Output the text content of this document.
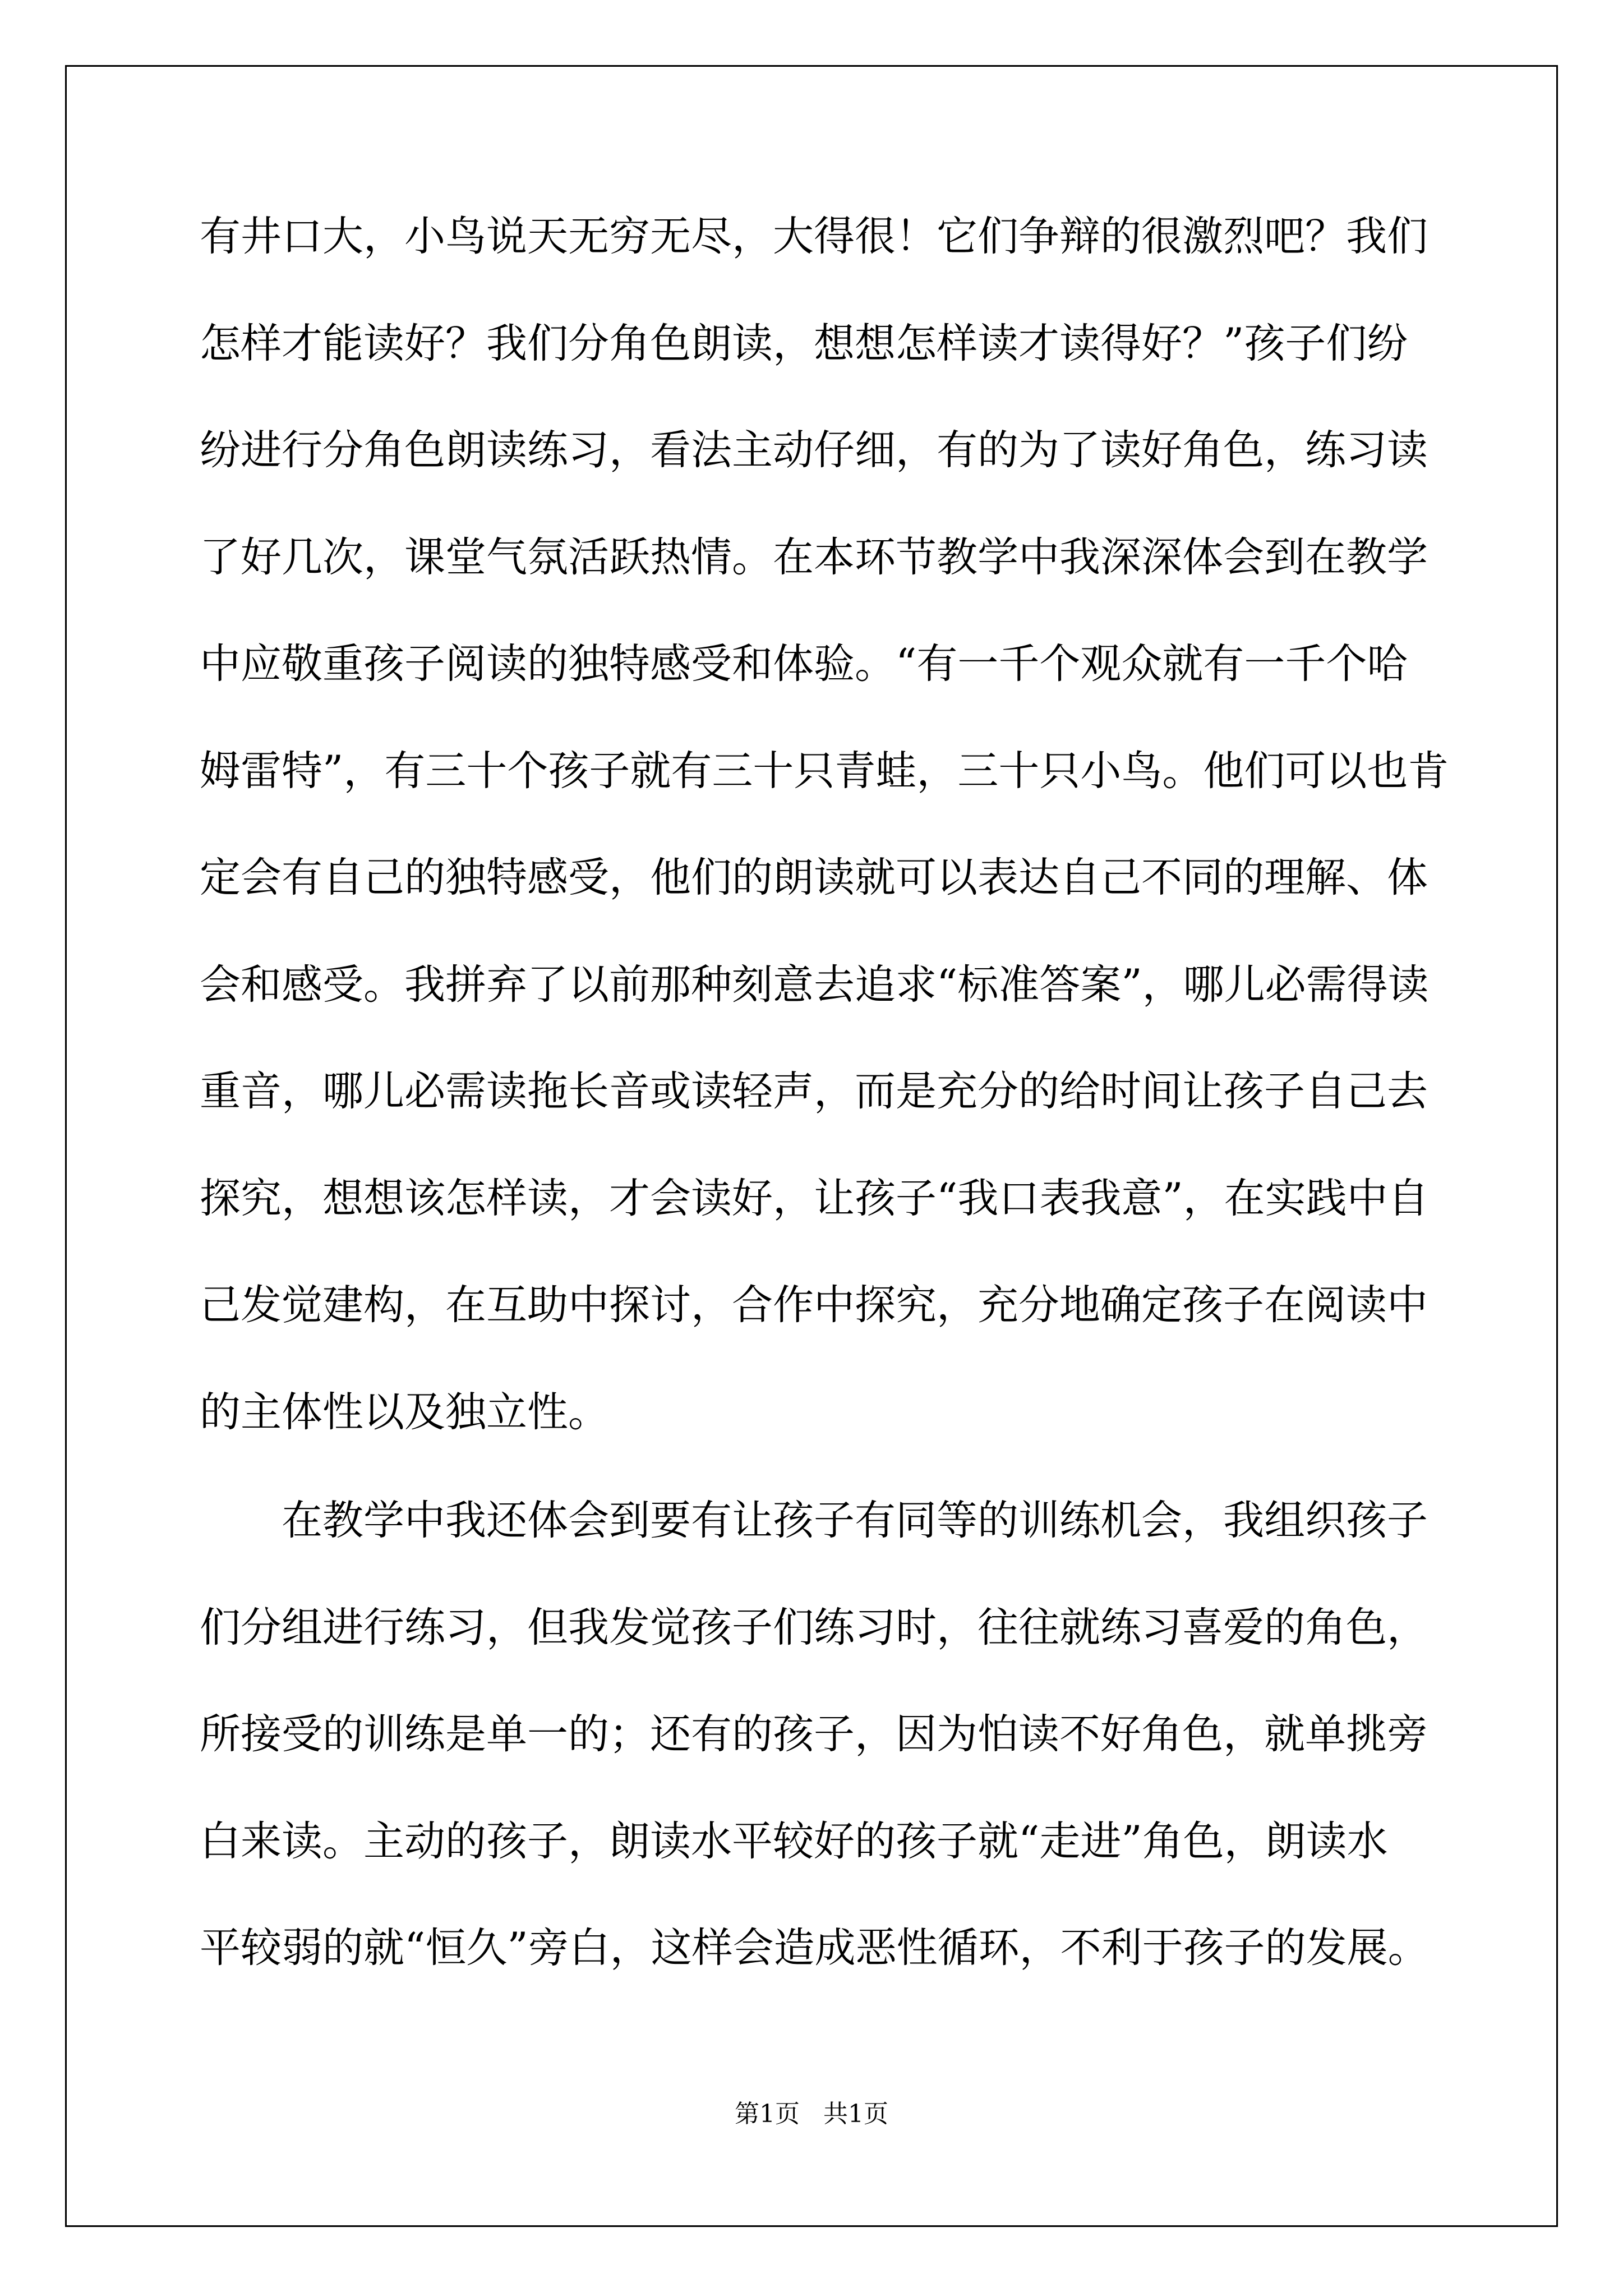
有井口大，小鸟说天无穷无尽，大得很！它们争辩的很激烈吧？我们
怎样才能读好？我们分角色朗读，想想怎样读才读得好？”孩子们纷
纷进行分角色朗读练习，看法主动仔细，有的为了读好角色，练习读
了好几次，课堂气氛活跃热情。在本环节教学中我深深体会到在教学
中应敬重孩子阅读的独特感受和体验。“有一千个观众就有一千个哈
姆雷特”，有三十个孩子就有三十只青蛙，三十只小鸟。他们可以也肯
定会有自己的独特感受，他们的朗读就可以表达自己不同的理解、体
会和感受。我拼弃了以前那种刻意去追求“标准答案”，哪儿必需得读
重音，哪儿必需读拖长音或读轻声，而是充分的给时间让孩子自己去
探究，想想该怎样读，才会读好，让孩子“我口表我意”，在实践中自
己发觉建构，在互助中探讨，合作中探究，充分地确定孩子在阅读中
的主体性以及独立性。
在教学中我还体会到要有让孩子有同等的训练机会，我组织孩子
们分组进行练习，但我发觉孩子们练习时，往往就练习喜爱的角色，
所接受的训练是单一的；还有的孩子，因为怕读不好角色，就单挑旁
白来读。主动的孩子，朗读水平较好的孩子就“走进”角色，朗读水
平较弱的就“恒久”旁白，这样会造成恶性循环，不利于孩子的发展。
第1页   共1页
